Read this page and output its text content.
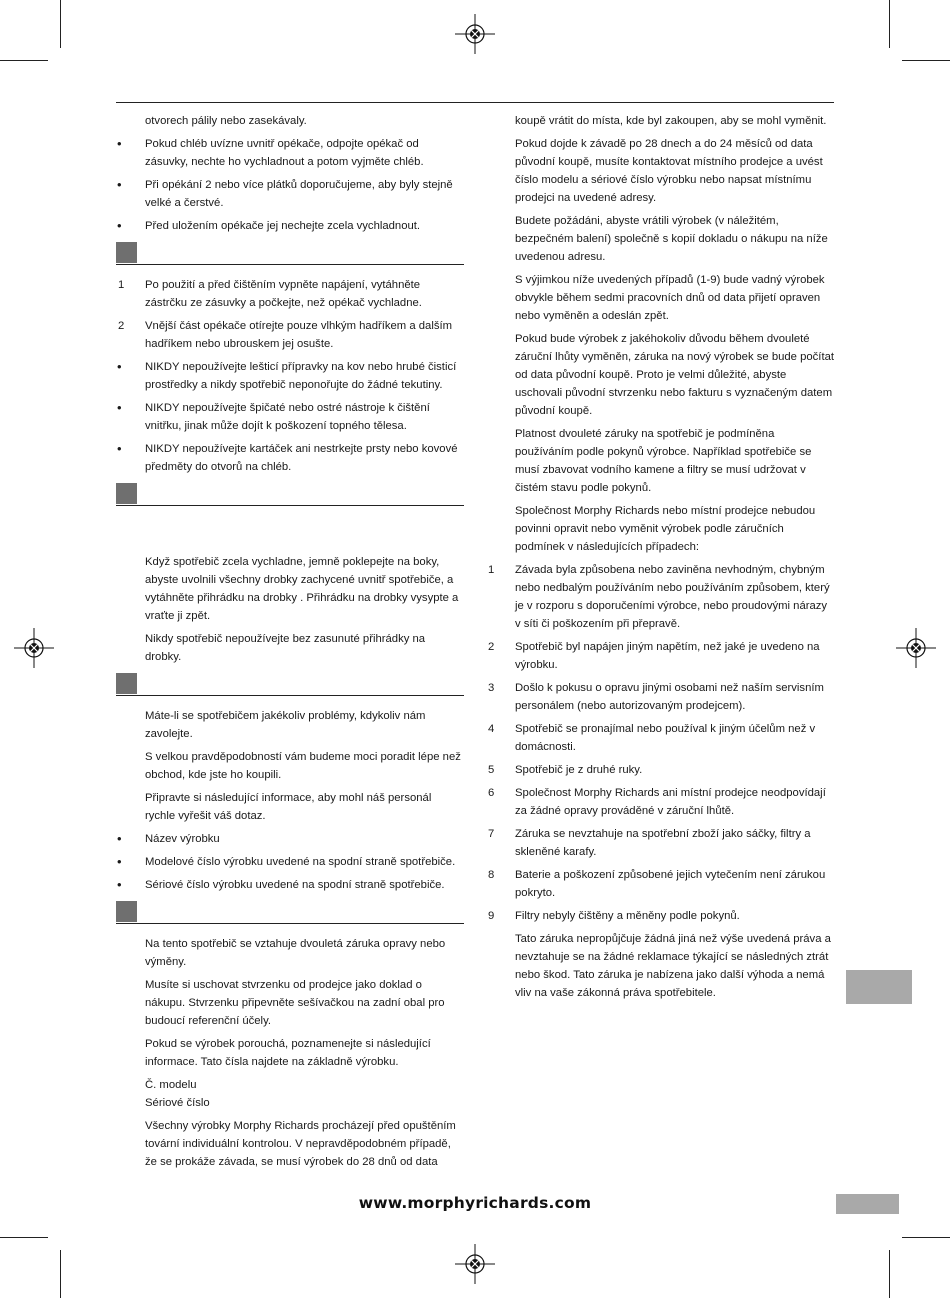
otvorech pálily nebo zasekávaly.

• Pokud chléb uvízne uvnitř opékače, odpojte opékač od zásuvky, nechte ho vychladnout a potom vyjměte chléb.
• Při opékání 2 nebo více plátků doporučujeme, aby byly stejně velké a čerstvé.
• Před uložením opékače jej nechejte zcela vychladnout.
1 Po použití a před čištěním vypněte napájení, vytáhněte zástrčku ze zásuvky a počkejte, než opékač vychladne.
2 Vnější část opékače otírejte pouze vlhkým hadříkem a dalším hadříkem nebo ubrouskem jej osušte.
• NIKDY nepoužívejte lešticí přípravky na kov nebo hrubé čisticí prostředky a nikdy spotřebič neponořujte do žádné tekutiny.
• NIKDY nepoužívejte špičaté nebo ostré nástroje k čištění vnitřku, jinak může dojít k poškození topného tělesa.
• NIKDY nepoužívejte kartáček ani nestrkejte prsty nebo kovové předměty do otvorů na chléb.

Když spotřebič zcela vychladne, jemně poklepejte na boky, abyste uvolnili všechny drobky zachycené uvnitř spotřebiče, a vytáhněte přihrádku na drobky . Přihrádku na drobky vysypte a vraťte ji zpět.

Nikdy spotřebič nepoužívejte bez zasunuté přihrádky na drobky.

Máte-li se spotřebičem jakékoliv problémy, kdykoliv nám zavolejte.

S velkou pravděpodobností vám budeme moci poradit lépe než obchod, kde jste ho koupili.

Připravte si následující informace, aby mohl náš personál rychle vyřešit váš dotaz.

• Název výrobku
• Modelové číslo výrobku uvedené na spodní straně spotřebiče.
• Sériové číslo výrobku uvedené na spodní straně spotřebiče.

Na tento spotřebič se vztahuje dvouletá záruka opravy nebo výměny.

Musíte si uschovat stvrzenku od prodejce jako doklad o nákupu. Stvrzenku připevněte sešívačkou na zadní obal pro budoucí referenční účely.

Pokud se výrobek porouchá, poznamenejte si následující informace. Tato čísla najdete na základně výrobku.

Č. modelu

Sériové číslo

Všechny výrobky Morphy Richards procházejí před opuštěním tovární individuální kontrolou. V nepravděpodobném případě, že se prokáže závada, se musí výrobek do 28 dnů od data

koupě vrátit do místa, kde byl zakoupen, aby se mohl vyměnit.

Pokud dojde k závadě po 28 dnech a do 24 měsíců od data původní koupě, musíte kontaktovat místního prodejce a uvést číslo modelu a sériové číslo výrobku nebo napsat místnímu prodejci na uvedené adresy.

Budete požádáni, abyste vrátili výrobek (v náležitém, bezpečném balení) společně s kopií dokladu o nákupu na níže uvedenou adresu.

S výjimkou níže uvedených případů (1-9) bude vadný výrobek obvykle během sedmi pracovních dnů od data přijetí opraven nebo vyměněn a odeslán zpět.

Pokud bude výrobek z jakéhokoliv důvodu během dvouleté záruční lhůty vyměněn, záruka na nový výrobek se bude počítat od data původní koupě. Proto je velmi důležité, abyste uschovali původní stvrzenku nebo fakturu s vyznačeným datem původní koupě.

Platnost dvouleté záruky na spotřebič je podmíněna používáním podle pokynů výrobce. Například spotřebiče se musí zbavovat vodního kamene a filtry se musí udržovat v čistém stavu podle pokynů.

Společnost Morphy Richards nebo místní prodejce nebudou povinni opravit nebo vyměnit výrobek podle záručních podmínek v následujících případech:

1 Závada byla způsobena nebo zaviněna nevhodným, chybným nebo nedbalým používáním nebo používáním způsobem, který je v rozporu s doporučeními výrobce, nebo proudovými nárazy v síti či poškozením při přepravě.
2 Spotřebič byl napájen jiným napětím, než jaké je uvedeno na výrobku.
3 Došlo k pokusu o opravu jinými osobami než naším servisním personálem (nebo autorizovaným prodejcem).
4 Spotřebič se pronajímal nebo používal k jiným účelům než v domácnosti.
5 Spotřebič je z druhé ruky.
6 Společnost Morphy Richards ani místní prodejce neodpovídají za žádné opravy prováděné v záruční lhůtě.
7 Záruka se nevztahuje na spotřební zboží jako sáčky, filtry a skleněné karafy.
8 Baterie a poškození způsobené jejich vytečením není zárukou pokryto.
9 Filtry nebyly čištěny a měněny podle pokynů.

Tato záruka nepropůjčuje žádná jiná než výše uvedená práva a nevztahuje se na žádné reklamace týkající se následných ztrát nebo škod. Tato záruka je nabízena jako další výhoda a nemá vliv na vaše zákonná práva spotřebitele.

www.morphyrichards.com
